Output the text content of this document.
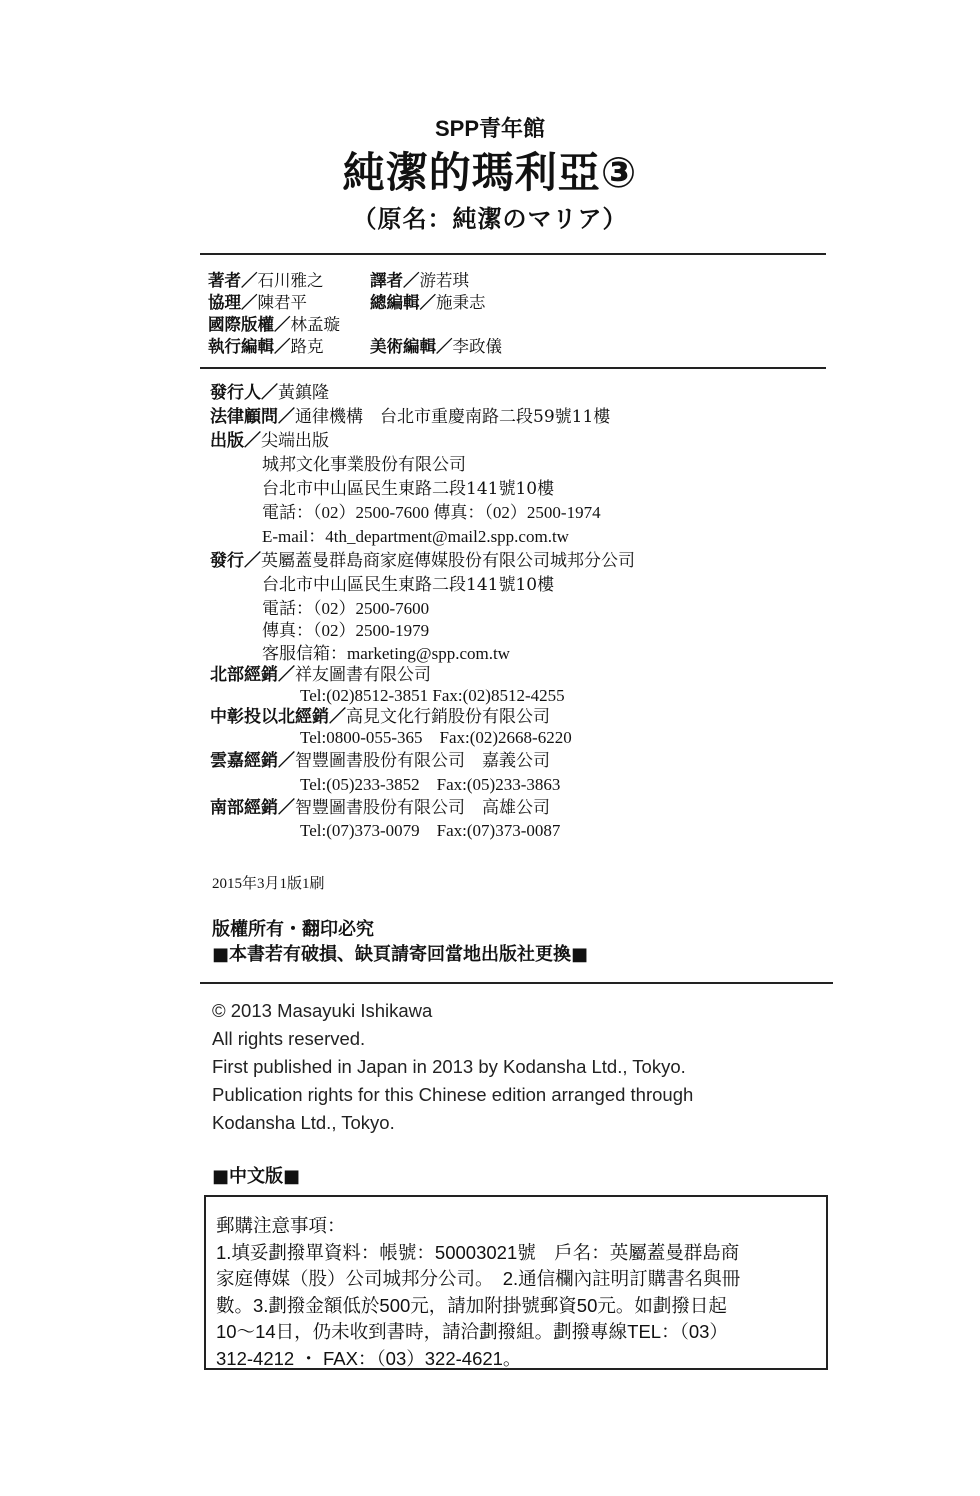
SPP青年館
純潔的瑪利亞③
（原名：純潔のマリア）
著者／石川雅之	譯者／游若琪
協理／陳君平	總編輯／施秉志
國際版權／林孟璇
執行編輯／路克	美術編輯／李政儀
發行人／黃鎮隆
法律顧問／通律機構　台北市重慶南路二段59號11樓
出版／尖端出版
城邦文化事業股份有限公司
台北市中山區民生東路二段141號10樓
電話：（02）2500-7600 傳真：（02）2500-1974
E-mail：4th_department@mail2.spp.com.tw
發行／英屬蓋曼群島商家庭傳媒股份有限公司城邦分公司
台北市中山區民生東路二段141號10樓
電話：（02）2500-7600
傳真：（02）2500-1979
客服信箱：marketing@spp.com.tw
北部經銷／祥友圖書有限公司
Tel:(02)8512-3851 Fax:(02)8512-4255
中彰投以北經銷／高見文化行銷股份有限公司
Tel:0800-055-365　Fax:(02)2668-6220
雲嘉經銷／智豐圖書股份有限公司　嘉義公司
Tel:(05)233-3852　Fax:(05)233-3863
南部經銷／智豐圖書股份有限公司　高雄公司
Tel:(07)373-0079　Fax:(07)373-0087
2015年3月1版1刷
版權所有・翻印必究
■本書若有破損、缺頁請寄回當地出版社更換■
© 2013 Masayuki Ishikawa
All rights reserved.
First published in Japan in 2013 by Kodansha Ltd., Tokyo.
Publication rights for this Chinese edition arranged through
Kodansha Ltd., Tokyo.
■中文版■
郵購注意事項：
1.填妥劃撥單資料：帳號：50003021號　戶名：英屬蓋曼群島商
家庭傳媒（股）公司城邦分公司。　2.通信欄內註明訂購書名與冊
數。3.劃撥金額低於500元，請加附掛號郵資50元。如劃撥日起
10～14日，仍未收到書時，請洽劃撥組。劃撥專線TEL：（03）
312-4212 ・ FAX：（03）322-4621。
